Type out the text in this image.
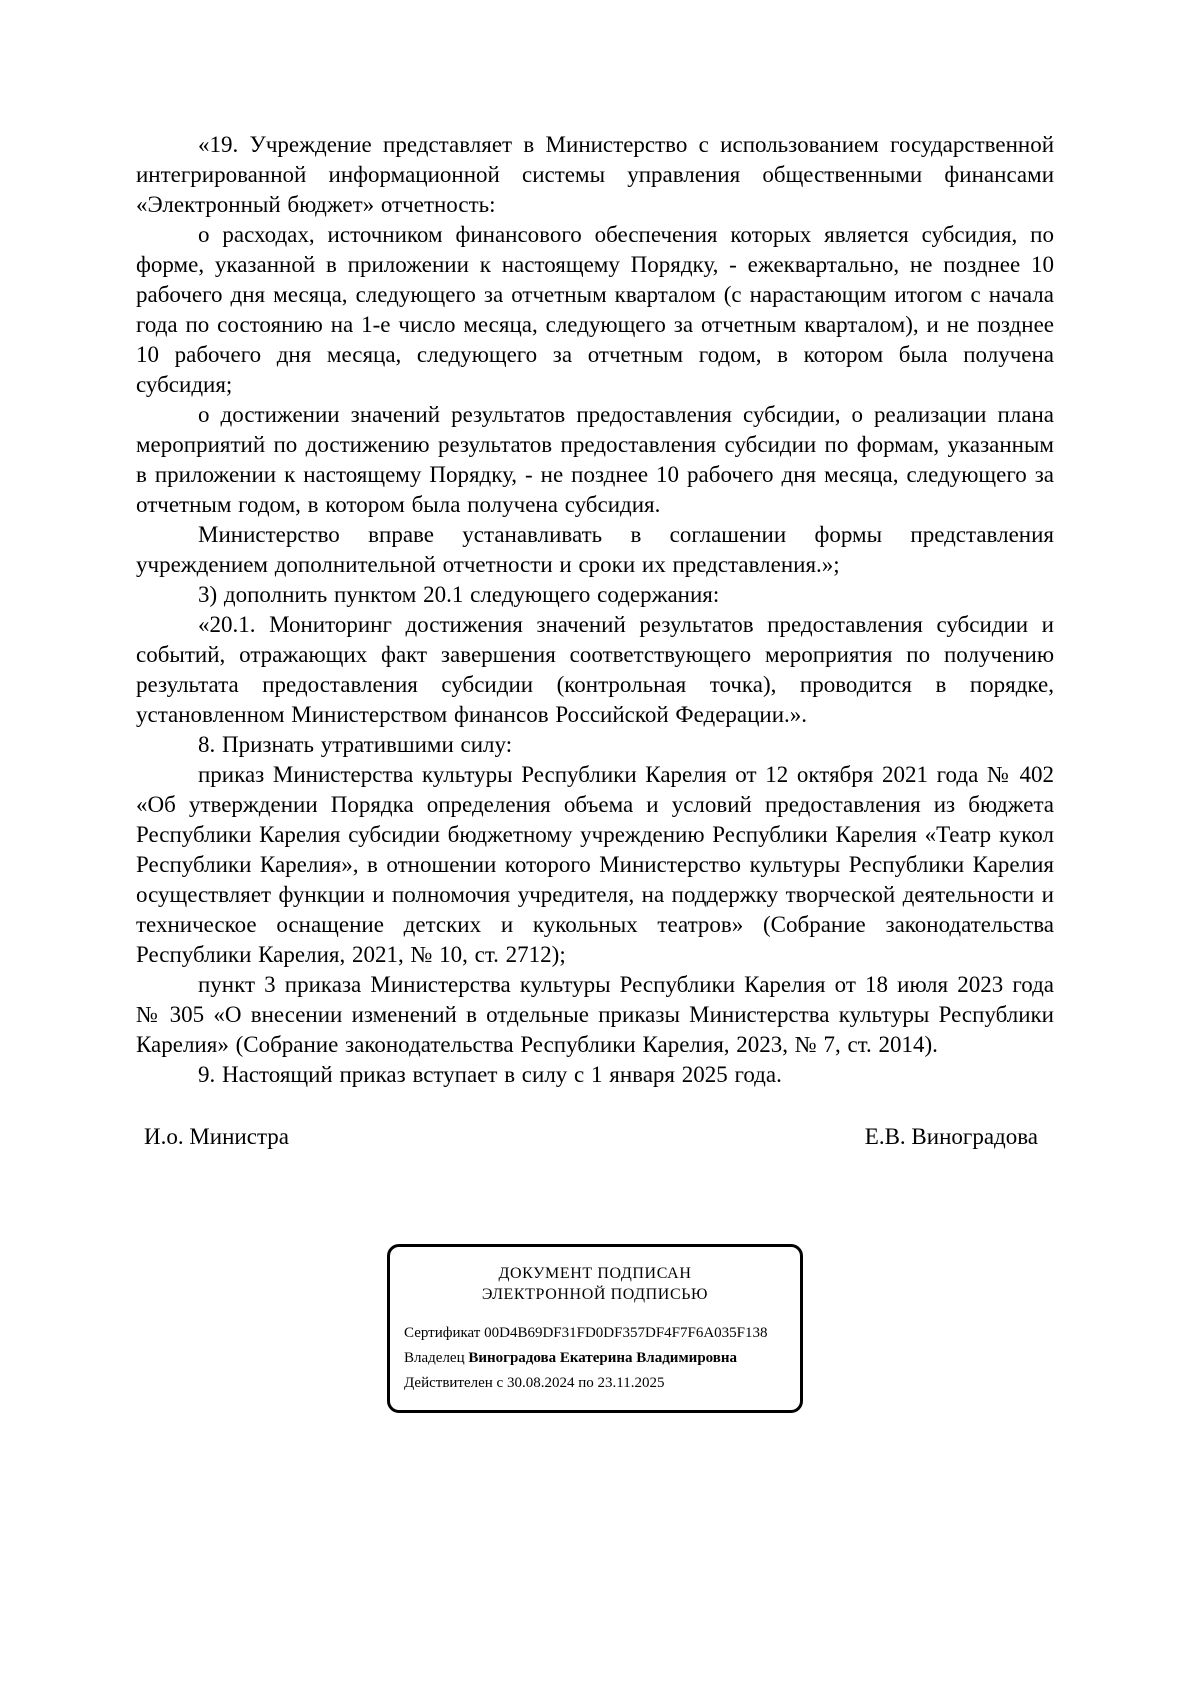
«19. Учреждение представляет в Министерство с использованием государственной интегрированной информационной системы управления общественными финансами «Электронный бюджет» отчетность:

о расходах, источником финансового обеспечения которых является субсидия, по форме, указанной в приложении к настоящему Порядку, - ежеквартально, не позднее 10 рабочего дня месяца, следующего за отчетным кварталом (с нарастающим итогом с начала года по состоянию на 1-е число месяца, следующего за отчетным кварталом), и не позднее 10 рабочего дня месяца, следующего за отчетным годом, в котором была получена субсидия;

о достижении значений результатов предоставления субсидии, о реализации плана мероприятий по достижению результатов предоставления субсидии по формам, указанным в приложении к настоящему Порядку, - не позднее 10 рабочего дня месяца, следующего за отчетным годом, в котором была получена субсидия.

Министерство вправе устанавливать в соглашении формы представления учреждением дополнительной отчетности и сроки их представления.»;

3) дополнить пунктом 20.1 следующего содержания:

«20.1. Мониторинг достижения значений результатов предоставления субсидии и событий, отражающих факт завершения соответствующего мероприятия по получению результата предоставления субсидии (контрольная точка), проводится в порядке, установленном Министерством финансов Российской Федерации.».

8. Признать утратившими силу:

приказ Министерства культуры Республики Карелия от 12 октября 2021 года № 402 «Об утверждении Порядка определения объема и условий предоставления из бюджета Республики Карелия субсидии бюджетному учреждению Республики Карелия «Театр кукол Республики Карелия», в отношении которого Министерство культуры Республики Карелия осуществляет функции и полномочия учредителя, на поддержку творческой деятельности и техническое оснащение детских и кукольных театров» (Собрание законодательства Республики Карелия, 2021, № 10, ст. 2712);

пункт 3 приказа Министерства культуры Республики Карелия от 18 июля 2023 года № 305 «О внесении изменений в отдельные приказы Министерства культуры Республики Карелия» (Собрание законодательства Республики Карелия, 2023, № 7, ст. 2014).

9. Настоящий приказ вступает в силу с 1 января 2025 года.

И.о. Министра	Е.В. Виноградова
ДОКУМЕНТ ПОДПИСАН
ЭЛЕКТРОННОЙ ПОДПИСЬЮ
Сертификат 00D4B69DF31FD0DF357DF4F7F6A035F138
Владелец Виноградова Екатерина Владимировна
Действителен с 30.08.2024 по 23.11.2025
